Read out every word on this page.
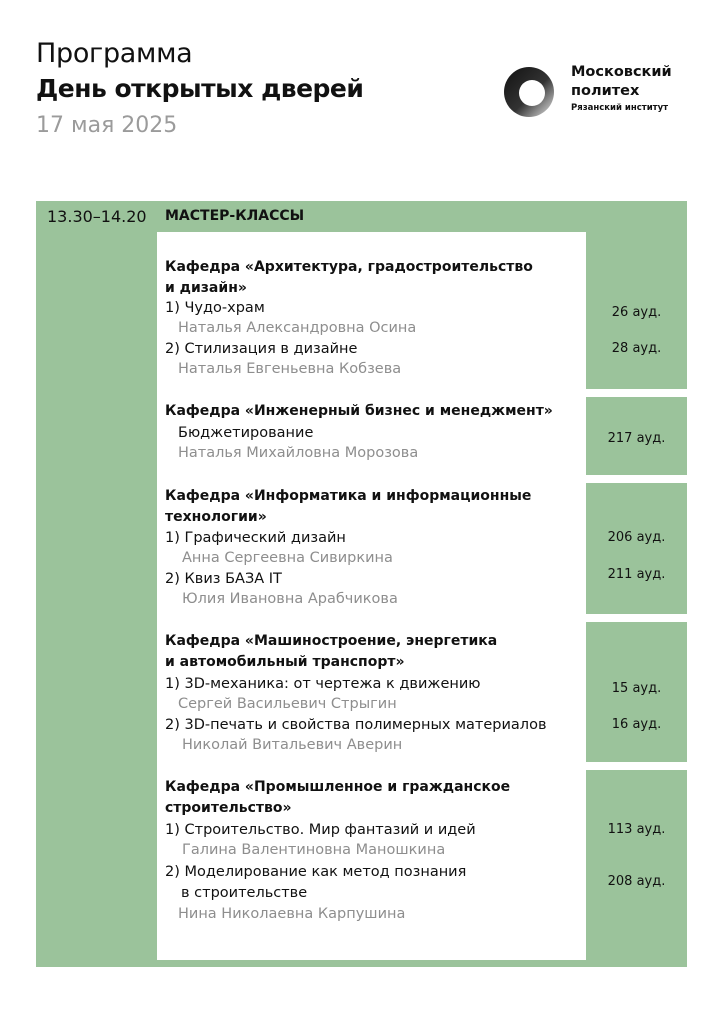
Программа
День открытых дверей
17 мая 2025
Московский
политех
Рязанский институт
13.30–14.20 МАСТЕР-КЛАССЫ
Кафедра «Архитектура, градостроительство
и дизайн»
1) Чудо-храм
Наталья Александровна Осина
2) Стилизация в дизайне
Наталья Евгеньевна Кобзева
26 ауд.
28 ауд.
Кафедра «Инженерный бизнес и менеджмент»
Бюджетирование
Наталья Михайловна Морозова
217 ауд.
Кафедра «Информатика и информационные
технологии»
1) Графический дизайн
Анна Сергеевна Сивиркина
2) Квиз БАЗА IT
Юлия Ивановна Арабчикова
206 ауд.
211 ауд.
Кафедра «Машиностроение, энергетика
и автомобильный транспорт»
1) 3D-механика: от чертежа к движению
Сергей Васильевич Стрыгин
2) 3D-печать и свойства полимерных материалов
Николай Витальевич Аверин
15 ауд.
16 ауд.
Кафедра «Промышленное и гражданское
строительство»
1) Строительство. Мир фантазий и идей
Галина Валентиновна Маношкина
2) Моделирование как метод познания
в строительстве
Нина Николаевна Карпушина
113 ауд.
208 ауд.
